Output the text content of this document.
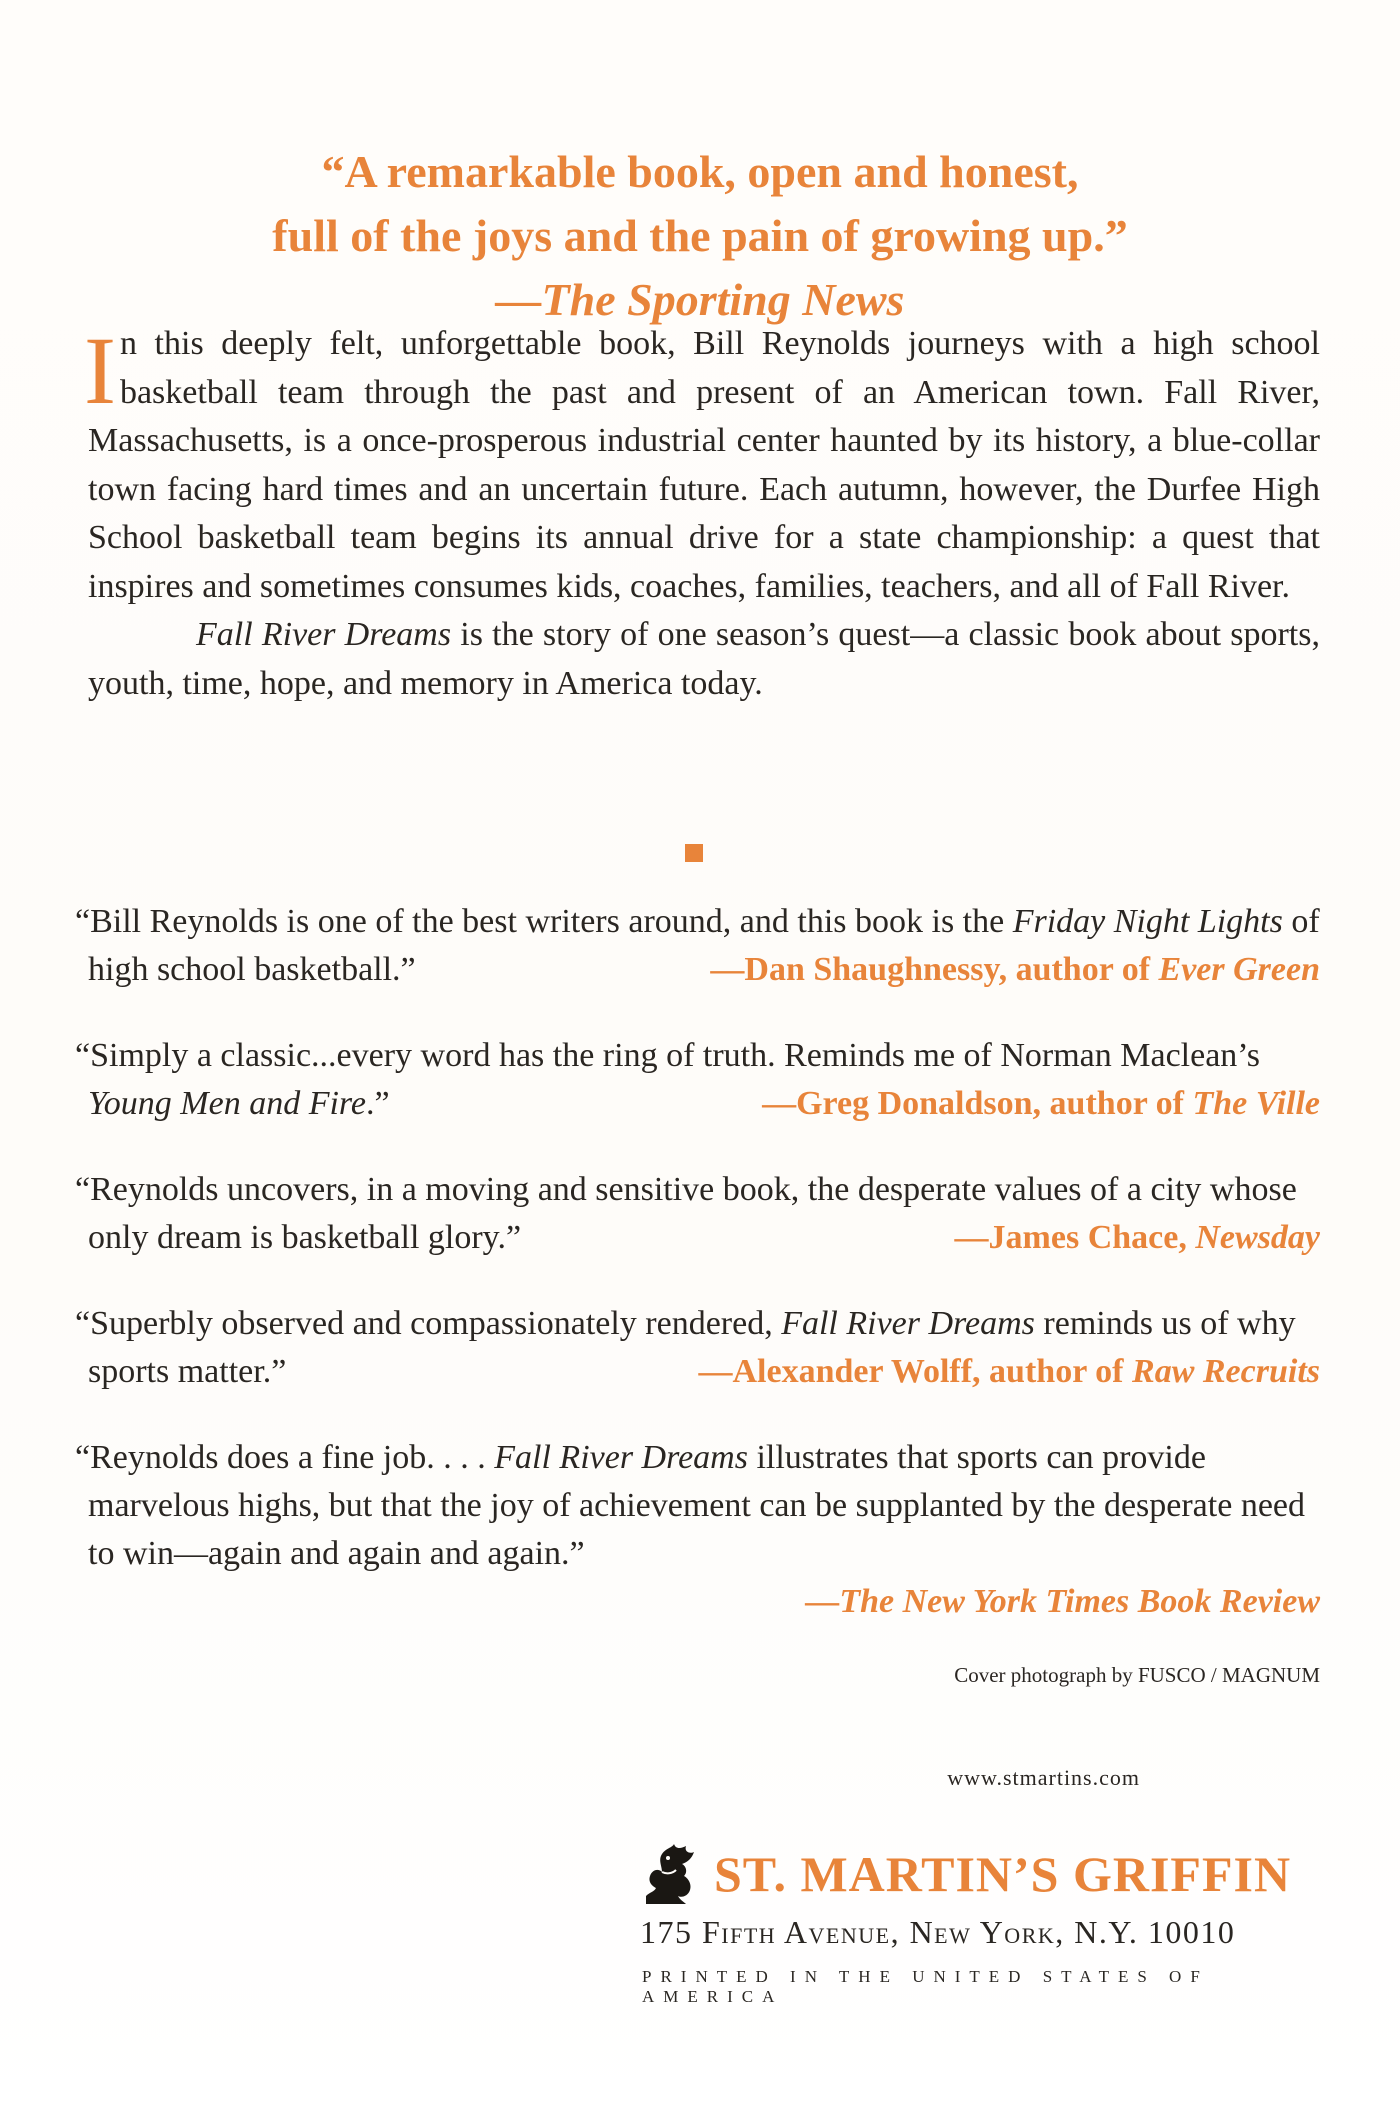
“A remarkable book, open and honest,
full of the joys and the pain of growing up.”
—The Sporting News

In this deeply felt, unforgettable book, Bill Reynolds journeys with a high school basketball team through the past and present of an American town. Fall River, Massachusetts, is a once-prosperous industrial center haunted by its history, a blue-collar town facing hard times and an uncertain future. Each autumn, however, the Durfee High School basketball team begins its annual drive for a state championship: a quest that inspires and sometimes consumes kids, coaches, families, teachers, and all of Fall River.

Fall River Dreams is the story of one season’s quest—a classic book about sports, youth, time, hope, and memory in America today.

“Bill Reynolds is one of the best writers around, and this book is the Friday Night Lights of high school basketball.”	—Dan Shaughnessy, author of Ever Green
“Simply a classic...every word has the ring of truth. Reminds me of Norman Maclean’s Young Men and Fire.”	—Greg Donaldson, author of The Ville
“Reynolds uncovers, in a moving and sensitive book, the desperate values of a city whose only dream is basketball glory.”	—James Chace, Newsday
“Superbly observed and compassionately rendered, Fall River Dreams reminds us of why sports matter.”	—Alexander Wolff, author of Raw Recruits
“Reynolds does a fine job. . . . Fall River Dreams illustrates that sports can provide marvelous highs, but that the joy of achievement can be supplanted by the desperate need to win—again and again and again.”
—The New York Times Book Review
Cover photograph by FUSCO / MAGNUM
www.stmartins.com
ST. MARTIN’S GRIFFIN
175 Fifth Avenue, New York, N.Y. 10010
PRINTED IN THE UNITED STATES OF AMERICA
